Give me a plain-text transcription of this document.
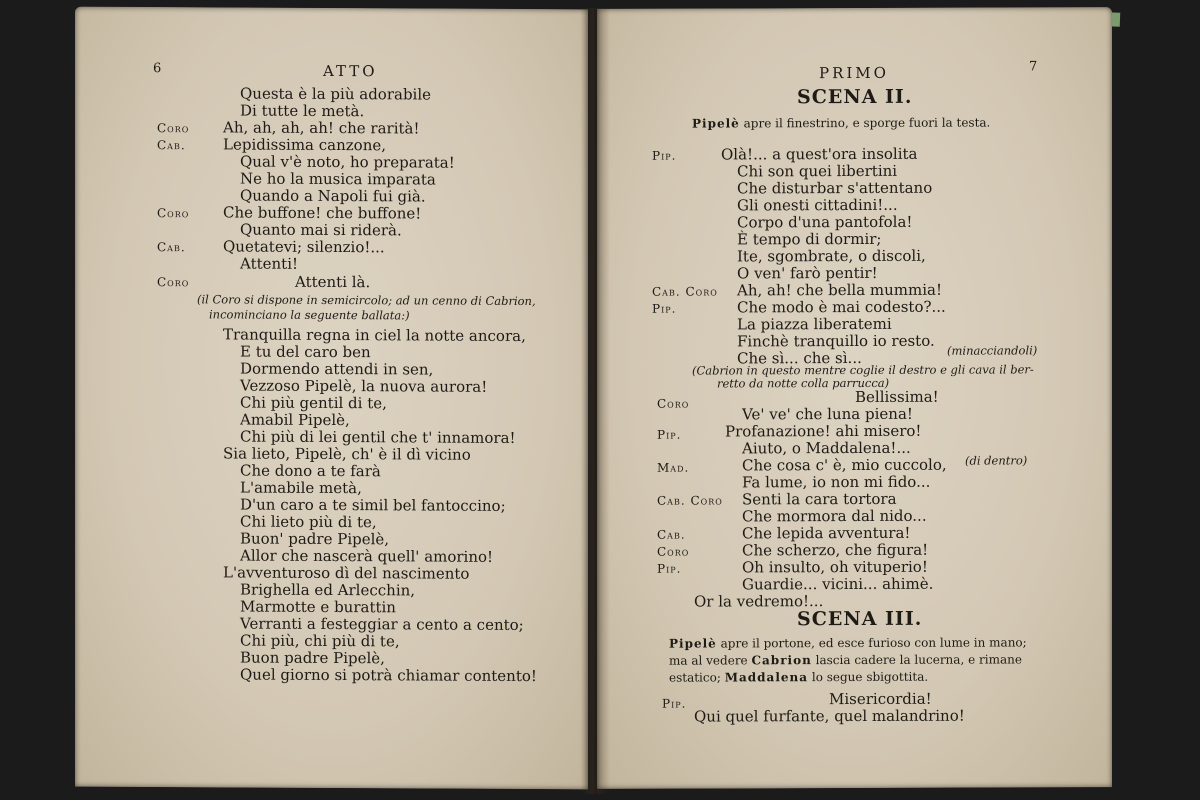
6	ATTO
Questa è la più adorabile
Di tutte le metà.
Coro Ah, ah, ah, ah! che rarità!
Cab. Lepidissima canzone,
Qual v'è noto, ho preparata!
Ne ho la musica imparata
Quando a Napoli fui già.
Coro Che buffone! che buffone!
Quanto mai si riderà.
Cab. Quetatevi; silenzio!...
Attenti!
Coro	Attenti là.
(il Coro si dispone in semicircolo; ad un cenno di Cabrion,
incominciano la seguente ballata:)
Tranquilla regna in ciel la notte ancora,
E tu del caro ben
Dormendo attendi in sen,
Vezzoso Pipelè, la nuova aurora!
Chi più gentil di te,
Amabil Pipelè,
Chi più di lei gentil che t' innamora!
Sia lieto, Pipelè, ch' è il dì vicino
Che dono a te farà
L'amabile metà,
D'un caro a te simil bel fantoccino;
Chi lieto più di te,
Buon' padre Pipelè,
Allor che nascerà quell' amorino!
L'avventuroso dì del nascimento
Brighella ed Arlecchin,
Marmotte e burattin
Verranti a festeggiar a cento a cento;
Chi più, chi più di te,
Buon padre Pipelè,
Quel giorno si potrà chiamar contento!
PRIMO	7
SCENA II.
Pipelè apre il finestrino, e sporge fuori la testa.
Pip.	Olà!... a quest'ora insolita
Chi son quei libertini
Che disturbar s'attentano
Gli onesti cittadini!...
Corpo d'una pantofola!
È tempo di dormir;
Ite, sgombrate, o discoli,
O ven' farò pentir!
Cab. Coro Ah, ah! che bella mummia!
Pip.	Che modo è mai codesto?...
La piazza liberatemi
Finchè tranquillo io resto.
Che sì... che sì...	(minacciandoli)
(Cabrion in questo mentre coglie il destro e gli cava il ber-
retto da notte colla parrucca)
Coro	Bellissima!
Ve' ve' che luna piena!
Pip.	Profanazione! ahi misero!
Aiuto, o Maddalena!...
Mad.	Che cosa c' è, mio cuccolo, (di dentro)
Fa lume, io non mi fido...
Cab. Coro Senti la cara tortora
Che mormora dal nido...
Cab.	Che lepida avventura!
Coro	Che scherzo, che figura!
Pip.	Oh insulto, oh vituperio!
Guardie... vicini... ahimè.
Or la vedremo!...
SCENA III.
Pipelè apre il portone, ed esce furioso con lume in mano;
ma al vedere Cabrion lascia cadere la lucerna, e rimane
estatico; Maddalena lo segue sbigottita.
Pip.	Misericordia!
Qui quel furfante, quel malandrino!
